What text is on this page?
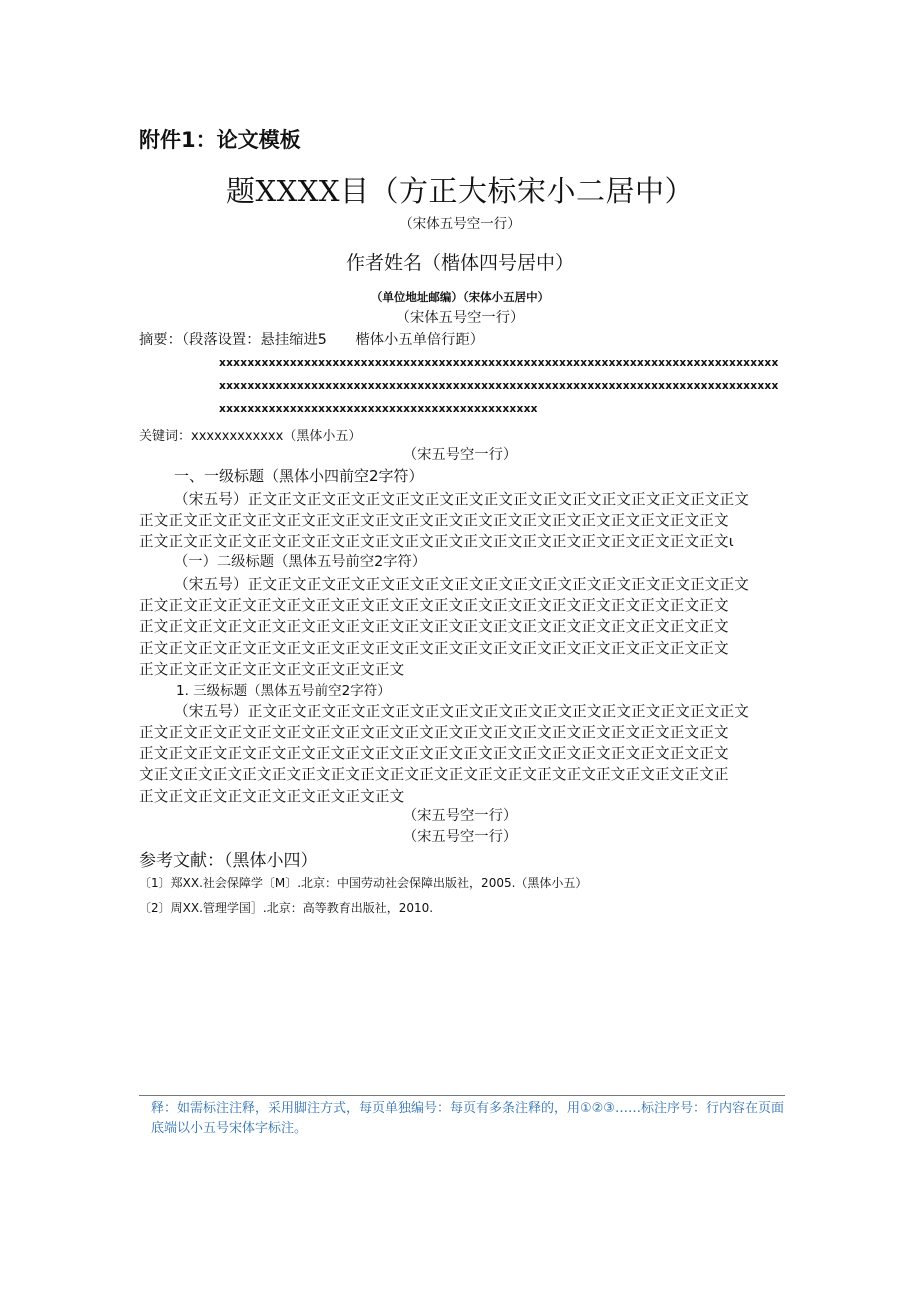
附件1：论文模板
题XXXX目（方正大标宋小二居中）
（宋体五号空一行）
作者姓名（楷体四号居中）
（单位地址邮编）（宋体小五居中）
（宋体五号空一行）
摘要：（段落设置：悬挂缩进5　　楷体小五单倍行距）
xxxxxxxxxxxxxxxxxxxxxxxxxxxxxxxxxxxxxxxxxxxxxxxxxxxxxxxxxxxxxxxxxxxxxxxxxxxxxxx
xxxxxxxxxxxxxxxxxxxxxxxxxxxxxxxxxxxxxxxxxxxxxxxxxxxxxxxxxxxxxxxxxxxxxxxxxxxxxxx
xxxxxxxxxxxxxxxxxxxxxxxxxxxxxxxxxxxxxxxxxxxxx
关键词：xxxxxxxxxxxx（黑体小五）
（宋五号空一行）
一、一级标题（黑体小四前空2字符）
（宋五号）正文正文正文正文正文正文正文正文正文正文正文正文正文正文正文正文正文
正文正文正文正文正文正文正文正文正文正文正文正文正文正文正文正文正文正文正文正文
正文正文正文正文正文正文正文正文正文正文正文正文正文正文正文正文正文正文正文正文ι
（一）二级标题（黑体五号前空2字符）
（宋五号）正文正文正文正文正文正文正文正文正文正文正文正文正文正文正文正文正文
正文正文正文正文正文正文正文正文正文正文正文正文正文正文正文正文正文正文正文正文
正文正文正文正文正文正文正文正文正文正文正文正文正文正文正文正文正文正文正文正文
正文正文正文正文正文正文正文正文正文正文正文正文正文正文正文正文正文正文正文正文
正文正文正文正文正文正文正文正文正文
1. 三级标题（黑体五号前空2字符）
（宋五号）正文正文正文正文正文正文正文正文正文正文正文正文正文正文正文正文正文
正文正文正文正文正文正文正文正文正文正文正文正文正文正文正文正文正文正文正文正文
正文正文正文正文正文正文正文正文正文正文正文正文正文正文正文正文正文正文正文正文
文正文正文正文正文正文正文正文正文正文正文正文正文正文正文正文正文正文正文正文正
正文正文正文正文正文正文正文正文正文
（宋五号空一行）
（宋五号空一行）
参考文献：（黑体小四）
〔1〕郑XX.社会保障学〔M〕.北京：中国劳动社会保障出版社，2005.（黑体小五）
〔2〕周XX.管理学国］.北京：高等教育出版社，2010.
释：如需标注注释，采用脚注方式，每页单独编号：每页有多条注释的，用①②③……标注序号：行内容在页面底端以小五号宋体字标注。
